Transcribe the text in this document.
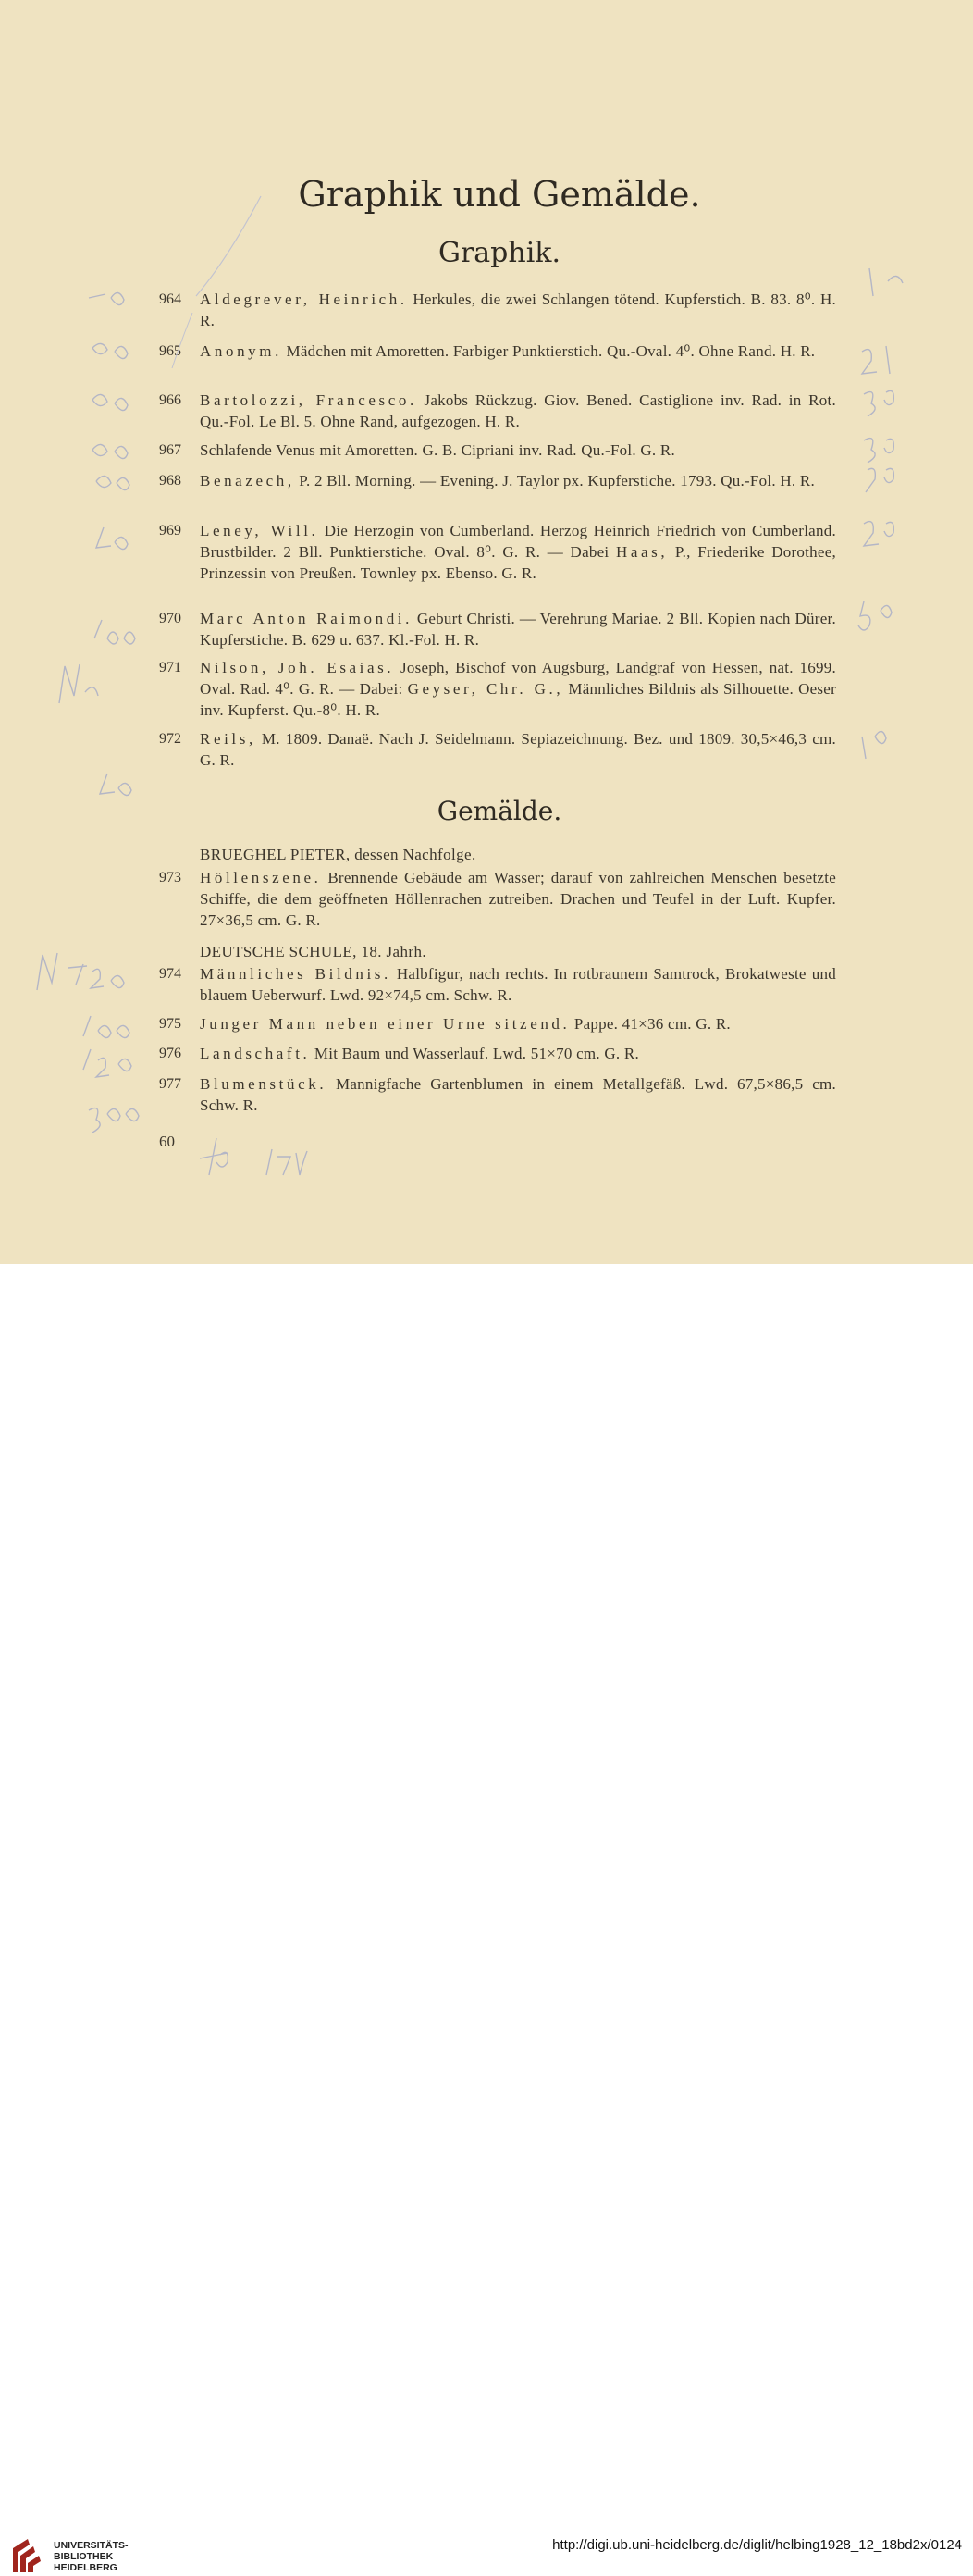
Graphik und Gemälde.
Graphik.
964	Aldegrever, Heinrich. Herkules, die zwei Schlangen tötend. Kupferstich. B. 83. 8⁰. H. R.
965	Anonym. Mädchen mit Amoretten. Farbiger Punktierstich. Qu.-Oval. 4⁰. Ohne Rand. H. R.
966	Bartolozzi, Francesco. Jakobs Rückzug. Giov. Bened. Castiglione inv. Rad. in Rot. Qu.-Fol. Le Bl. 5. Ohne Rand, aufgezogen. H. R.
967	Schlafende Venus mit Amoretten. G. B. Cipriani inv. Rad. Qu.-Fol. G. R.
968	Benazech, P. 2 Bll. Morning. — Evening. J. Taylor px. Kupferstiche. 1793. Qu.-Fol. H. R.
969	Leney, Will. Die Herzogin von Cumberland. Herzog Heinrich Friedrich von Cumberland. Brustbilder. 2 Bll. Punktierstiche. Oval. 8⁰. G. R. — Dabei Haas, P., Friederike Dorothee, Prinzessin von Preußen. Townley px. Ebenso. G. R.
970	Marc Anton Raimondi. Geburt Christi. — Verehrung Mariae. 2 Bll. Kopien nach Dürer. Kupferstiche. B. 629 u. 637. Kl.-Fol. H. R.
971	Nilson, Joh. Esaias. Joseph, Bischof von Augsburg, Landgraf von Hessen, nat. 1699. Oval. Rad. 4⁰. G. R. — Dabei: Geyser, Chr. G., Männliches Bildnis als Silhouette. Oeser inv. Kupferst. Qu.-8⁰. H. R.
972	Reils, M. 1809. Danaë. Nach J. Seidelmann. Sepiazeichnung. Bez. und 1809. 30,5×46,3 cm. G. R.
Gemälde.
BRUEGHEL PIETER, dessen Nachfolge.
973	Höllenszene. Brennende Gebäude am Wasser; darauf von zahlreichen Menschen besetzte Schiffe, die dem geöffneten Höllenrachen zutreiben. Drachen und Teufel in der Luft. Kupfer. 27×36,5 cm. G. R.
DEUTSCHE SCHULE, 18. Jahrh.
974	Männliches Bildnis. Halbfigur, nach rechts. In rotbraunem Samtrock, Brokatweste und blauem Ueberwurf. Lwd. 92×74,5 cm. Schw. R.
975	Junger Mann neben einer Urne sitzend. Pappe. 41×36 cm. G. R.
976	Landschaft. Mit Baum und Wasserlauf. Lwd. 51×70 cm. G. R.
977	Blumenstück. Mannigfache Gartenblumen in einem Metallgefäß. Lwd. 67,5×86,5 cm. Schw. R.
60
UNIVERSITÄTS-
BIBLIOTHEK
HEIDELBERG
http://digi.ub.uni-heidelberg.de/diglit/helbing1928_12_18bd2x/0124
